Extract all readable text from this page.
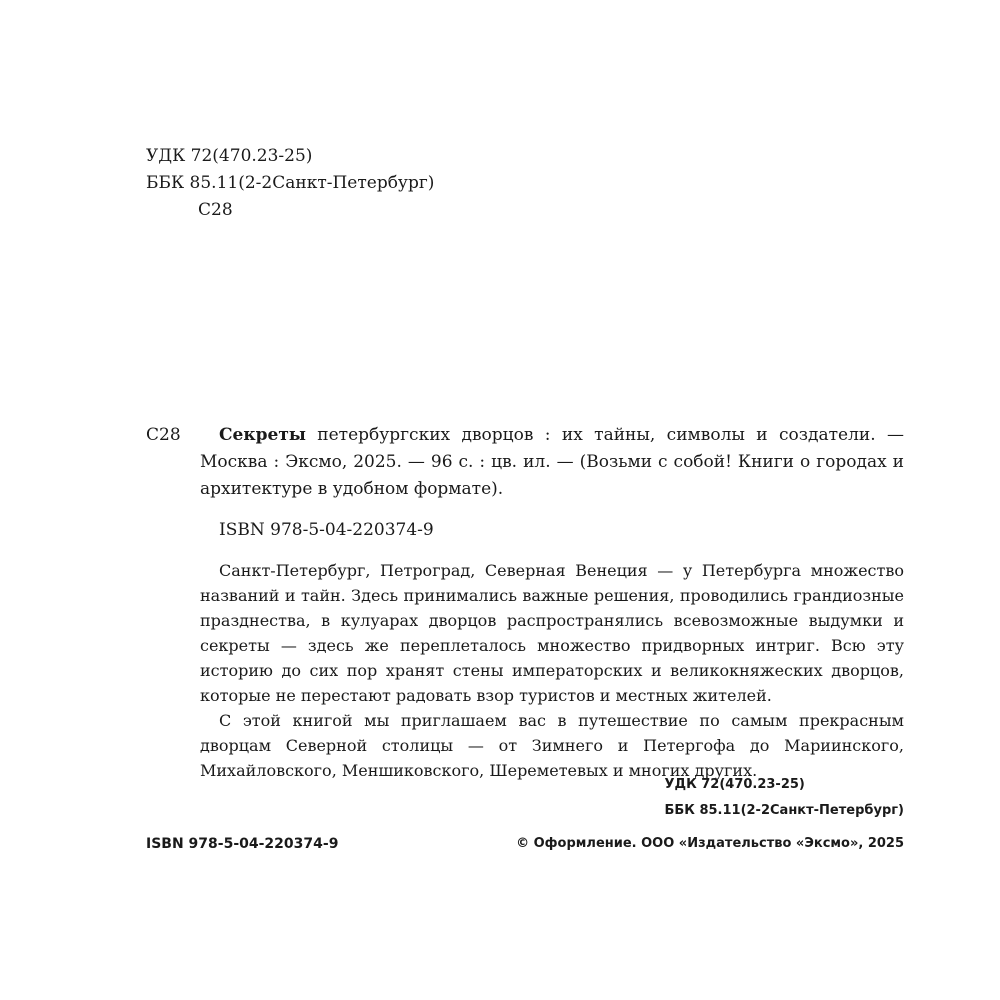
УДК 72(470.23-25)
ББК 85.11(2-2Санкт-Петербург)
С28
С28	Секреты петербургских дворцов : их тайны, символы и создатели. — Москва : Эксмо, 2025. — 96 с. : цв. ил. — (Возьми с собой! Книги о городах и архитектуре в удобном формате).
ISBN 978-5-04-220374-9

Санкт-Петербург, Петроград, Северная Венеция — у Петербурга множество названий и тайн. Здесь принимались важные решения, проводились грандиозные празднества, в кулуарах дворцов распространялись всевозможные выдумки и секреты — здесь же переплеталось множество придворных интриг. Всю эту историю до сих пор хранят стены императорских и великокняжеских дворцов, которые не перестают радовать взор туристов и местных жителей.

С этой книгой мы приглашаем вас в путешествие по самым прекрасным дворцам Северной столицы — от Зимнего и Петергофа до Мариинского, Михайловского, Меншиковского, Шереметевых и многих других.

УДК 72(470.23-25)
ББК 85.11(2-2Санкт-Петербург)
ISBN 978-5-04-220374-9	© Оформление. ООО «Издательство «Эксмо», 2025
